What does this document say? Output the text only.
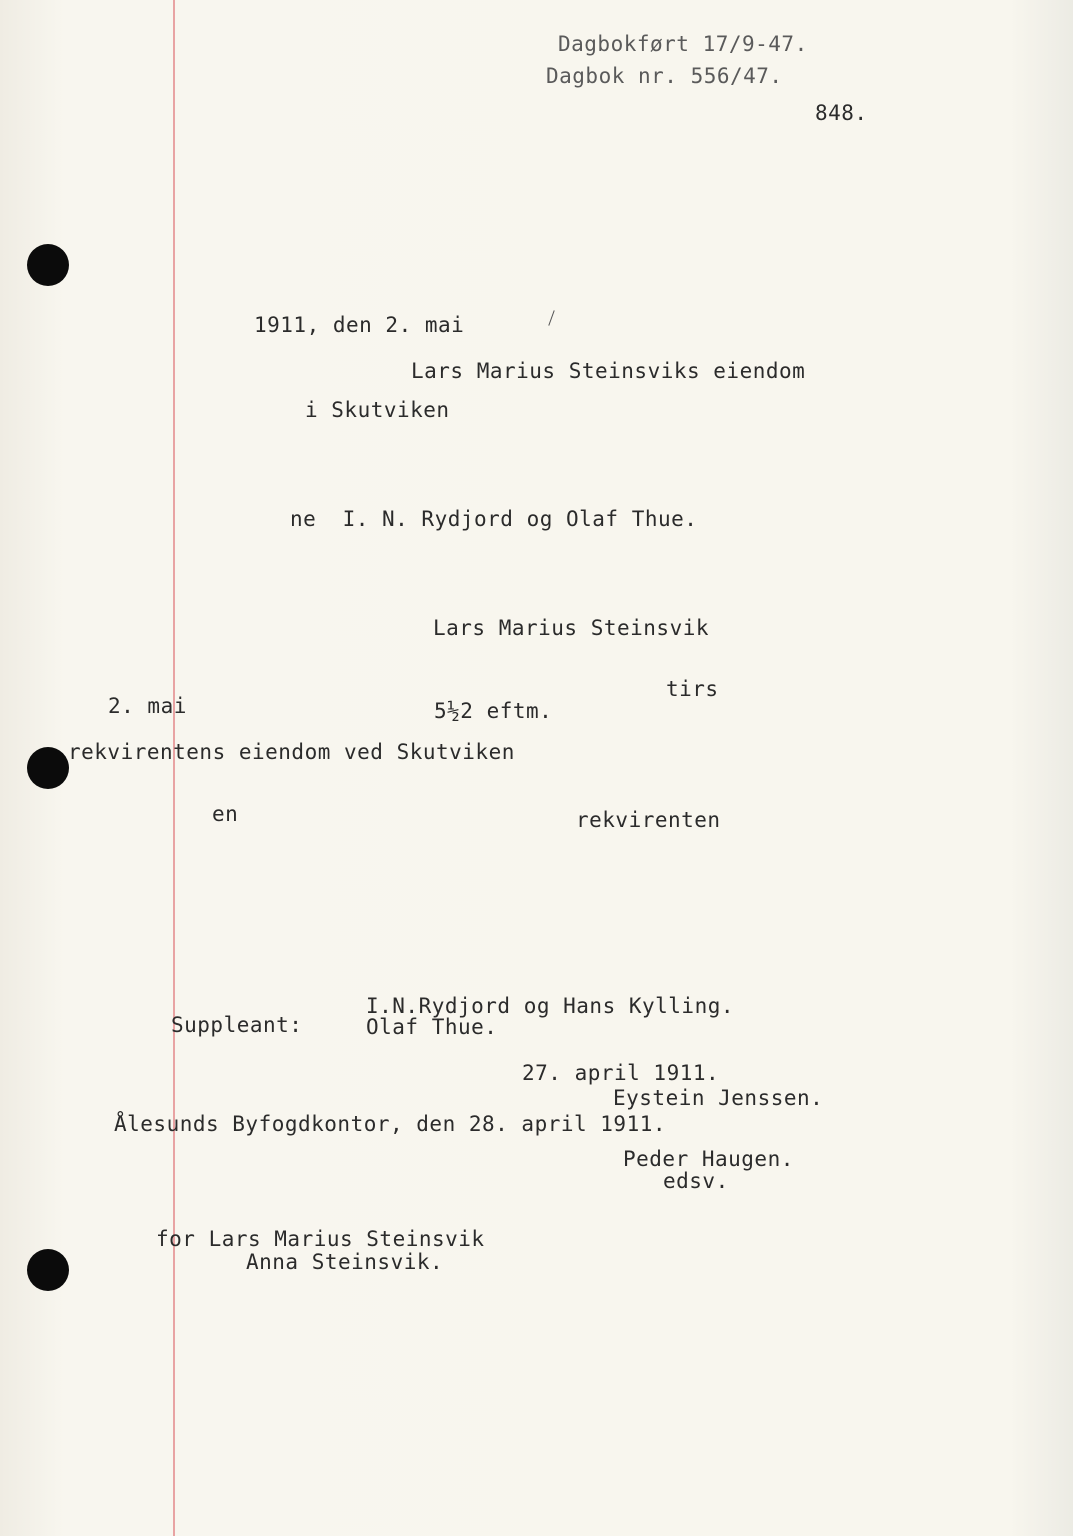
Dagbokført 17/9-47.
Dagbok nr. 556/47.
848.
1911, den 2. mai
Lars Marius Steinsviks eiendom
i Skutviken
ne  I. N. Rydjord og Olaf Thue.
Lars Marius Steinsvik
tirs
2. mai	5½2 eftm.
rekvirentens eiendom ved Skutviken
en	rekvirenten
I.N.Rydjord og Hans Kylling.
Suppleant:	Olaf Thue.
27. april 1911.
Eystein Jenssen.
Ålesunds Byfogdkontor, den 28. april 1911.
Peder Haugen.
edsv.
for Lars Marius Steinsvik
Anna Steinsvik.
